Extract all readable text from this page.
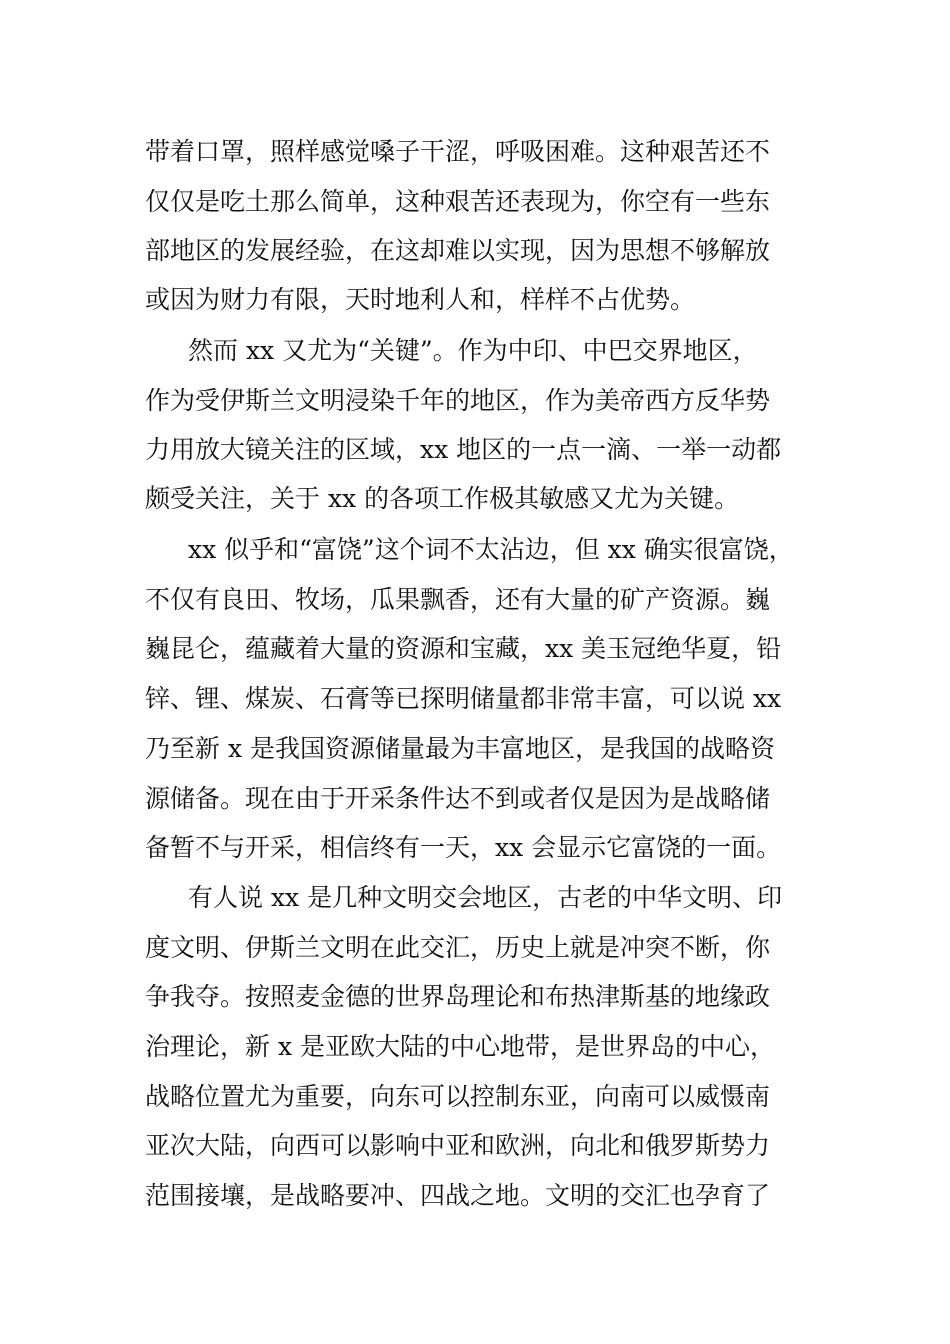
带着口罩，照样感觉嗓子干涩，呼吸困难。这种艰苦还不

仅仅是吃土那么简单，这种艰苦还表现为，你空有一些东

部地区的发展经验，在这却难以实现，因为思想不够解放

或因为财力有限，天时地利人和，样样不占优势。

然而 xx 又尤为“关键”。作为中印、中巴交界地区，

作为受伊斯兰文明浸染千年的地区，作为美帝西方反华势

力用放大镜关注的区域，xx 地区的一点一滴、一举一动都

颇受关注，关于 xx 的各项工作极其敏感又尤为关键。

xx 似乎和“富饶”这个词不太沾边，但 xx 确实很富饶，

不仅有良田、牧场，瓜果飘香，还有大量的矿产资源。巍

巍昆仑，蕴藏着大量的资源和宝藏，xx 美玉冠绝华夏，铅

锌、锂、煤炭、石膏等已探明储量都非常丰富，可以说 xx

乃至新 x 是我国资源储量最为丰富地区，是我国的战略资

源储备。现在由于开采条件达不到或者仅是因为是战略储

备暂不与开采，相信终有一天，xx 会显示它富饶的一面。

有人说 xx 是几种文明交会地区，古老的中华文明、印

度文明、伊斯兰文明在此交汇，历史上就是冲突不断，你

争我夺。按照麦金德的世界岛理论和布热津斯基的地缘政

治理论，新 x 是亚欧大陆的中心地带，是世界岛的中心，

战略位置尤为重要，向东可以控制东亚，向南可以威慑南

亚次大陆，向西可以影响中亚和欧洲，向北和俄罗斯势力

范围接壤，是战略要冲、四战之地。文明的交汇也孕育了
